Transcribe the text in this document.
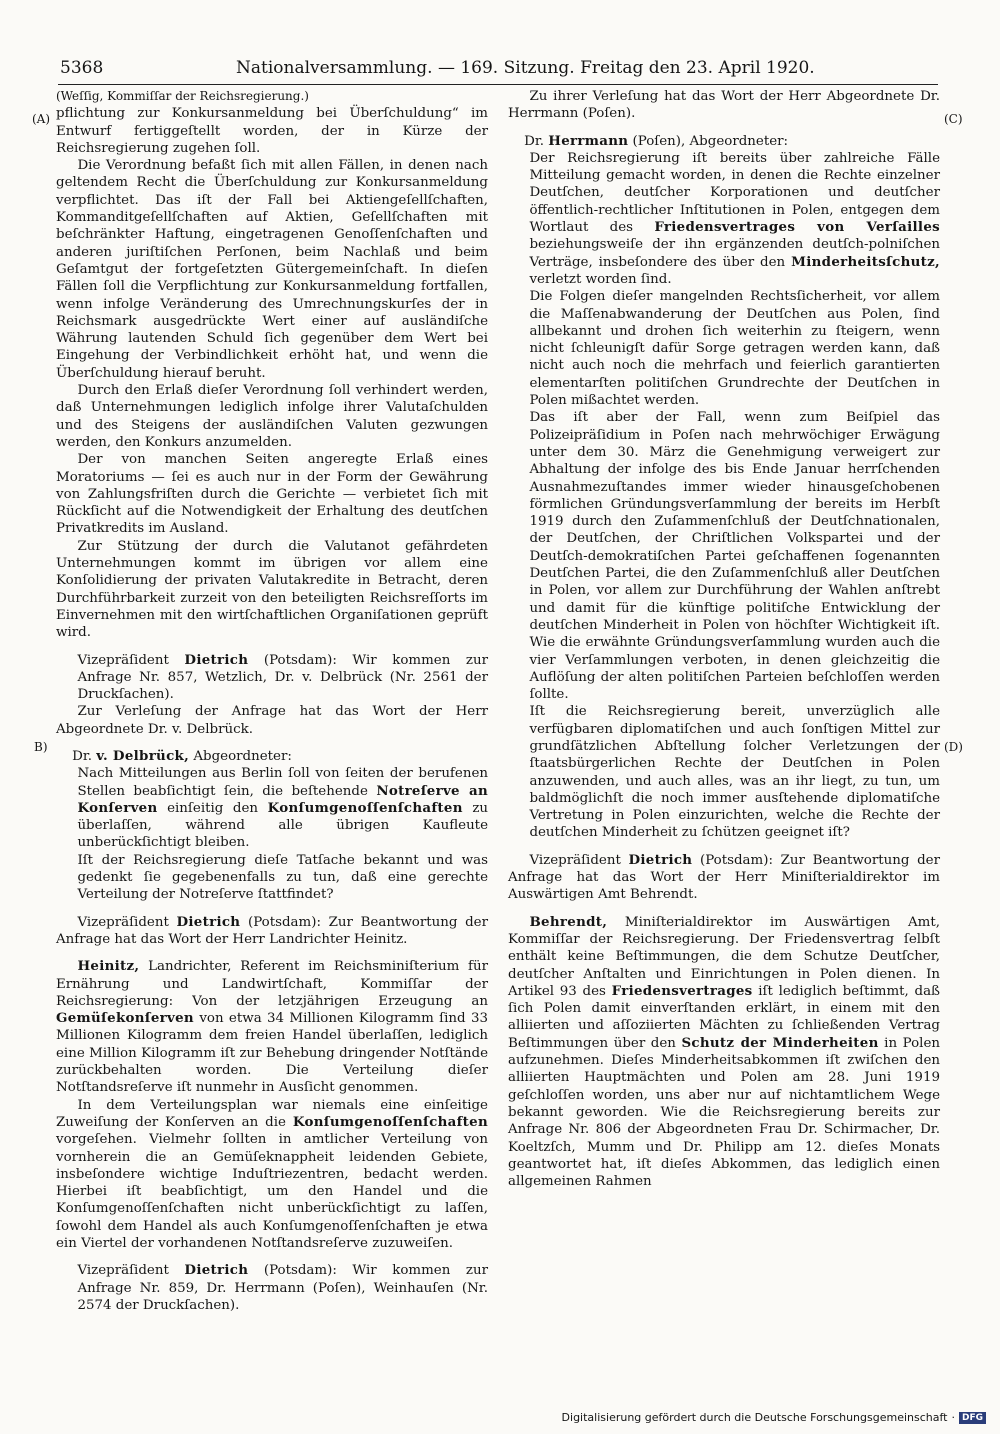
5368	Nationalversammlung. — 169. Sitzung. Freitag den 23. April 1920.
(A)
B)
(C)
(D)

(Weſſig, Kommiſſar der Reichsregierung.)

pflichtung zur Konkursanmeldung bei Überſchuldung“ im Entwurf fertiggeſtellt worden, der in Kürze der Reichsregierung zugehen ſoll.

Die Verordnung befaßt ſich mit allen Fällen, in denen nach geltendem Recht die Überſchuldung zur Konkursanmeldung verpflichtet. Das iſt der Fall bei Aktiengeſellſchaften, Kommanditgeſellſchaften auf Aktien, Geſellſchaften mit beſchränkter Haftung, eingetragenen Genoſſenſchaften und anderen juriſtiſchen Perſonen, beim Nachlaß und beim Geſamtgut der fortgeſetzten Gütergemeinſchaft. In dieſen Fällen ſoll die Verpflichtung zur Konkursanmeldung fortfallen, wenn infolge Veränderung des Umrechnungskurſes der in Reichsmark ausgedrückte Wert einer auf ausländiſche Währung lautenden Schuld ſich gegenüber dem Wert bei Eingehung der Verbindlichkeit erhöht hat, und wenn die Überſchuldung hierauf beruht.

Durch den Erlaß dieſer Verordnung ſoll verhindert werden, daß Unternehmungen lediglich infolge ihrer Valutaſchulden und des Steigens der ausländiſchen Valuten gezwungen werden, den Konkurs anzumelden.

Der von manchen Seiten angeregte Erlaß eines Moratoriums — ſei es auch nur in der Form der Gewährung von Zahlungsfriſten durch die Gerichte — verbietet ſich mit Rückſicht auf die Notwendigkeit der Erhaltung des deutſchen Privatkredits im Ausland.

Zur Stützung der durch die Valutanot gefährdeten Unternehmungen kommt im übrigen vor allem eine Konſolidierung der privaten Valutakredite in Betracht, deren Durchführbarkeit zurzeit von den beteiligten Reichsreſſorts im Einvernehmen mit den wirtſchaftlichen Organiſationen geprüft wird.

Vizepräſident Dietrich (Potsdam): Wir kommen zur Anfrage Nr. 857, Wetzlich, Dr. v. Delbrück (Nr. 2561 der Druckſachen).

Zur Verleſung der Anfrage hat das Wort der Herr Abgeordnete Dr. v. Delbrück.

Dr. v. Delbrück, Abgeordneter:

Nach Mitteilungen aus Berlin ſoll von ſeiten der berufenen Stellen beabſichtigt ſein, die beſtehende Notreſerve an Konſerven einſeitig den Konſumgenoſſenſchaften zu überlaſſen, während alle übrigen Kaufleute unberückſichtigt bleiben.

Iſt der Reichsregierung dieſe Tatſache bekannt und was gedenkt ſie gegebenenfalls zu tun, daß eine gerechte Verteilung der Notreſerve ſtattfindet?

Vizepräſident Dietrich (Potsdam): Zur Beantwortung der Anfrage hat das Wort der Herr Landrichter Heinitz.

Heinitz, Landrichter, Referent im Reichsminiſterium für Ernährung und Landwirtſchaft, Kommiſſar der Reichsregierung: Von der letzjährigen Erzeugung an Gemüſekonſerven von etwa 34 Millionen Kilogramm ſind 33 Millionen Kilogramm dem freien Handel überlaſſen, lediglich eine Million Kilogramm iſt zur Behebung dringender Notſtände zurückbehalten worden. Die Verteilung dieſer Notſtandsreſerve iſt nunmehr in Ausſicht genommen.

In dem Verteilungsplan war niemals eine einſeitige Zuweiſung der Konſerven an die Konſumgenoſſenſchaften vorgeſehen. Vielmehr ſollten in amtlicher Verteilung von vornherein die an Gemüſeknappheit leidenden Gebiete, insbeſondere wichtige Induſtriezentren, bedacht werden. Hierbei iſt beabſichtigt, um den Handel und die Konſumgenoſſenſchaften nicht unberückſichtigt zu laſſen, ſowohl dem Handel als auch Konſumgenoſſenſchaften je etwa ein Viertel der vorhandenen Notſtandsreſerve zuzuweiſen.

Vizepräſident Dietrich (Potsdam): Wir kommen zur Anfrage Nr. 859, Dr. Herrmann (Poſen), Weinhauſen (Nr. 2574 der Druckſachen).

Zu ihrer Verleſung hat das Wort der Herr Abgeordnete Dr. Herrmann (Poſen).

Dr. Herrmann (Poſen), Abgeordneter:

Der Reichsregierung iſt bereits über zahlreiche Fälle Mitteilung gemacht worden, in denen die Rechte einzelner Deutſchen, deutſcher Korporationen und deutſcher öffentlich-rechtlicher Inſtitutionen in Polen, entgegen dem Wortlaut des Friedensvertrages von Verſailles beziehungsweiſe der ihn ergänzenden deutſch-polniſchen Verträge, insbeſondere des über den Minderheitsſchutz, verletzt worden ſind.

Die Folgen dieſer mangelnden Rechtsſicherheit, vor allem die Maſſenabwanderung der Deutſchen aus Polen, ſind allbekannt und drohen ſich weiterhin zu ſteigern, wenn nicht ſchleunigſt dafür Sorge getragen werden kann, daß nicht auch noch die mehrfach und feierlich garantierten elementarſten politiſchen Grundrechte der Deutſchen in Polen mißachtet werden.

Das iſt aber der Fall, wenn zum Beiſpiel das Polizeipräſidium in Poſen nach mehrwöchiger Erwägung unter dem 30. März die Genehmigung verweigert zur Abhaltung der infolge des bis Ende Januar herrſchenden Ausnahmezuſtandes immer wieder hinausgeſchobenen förmlichen Gründungsverſammlung der bereits im Herbſt 1919 durch den Zuſammenſchluß der Deutſchnationalen, der Deutſchen, der Chriſtlichen Volkspartei und der Deutſch-demokratiſchen Partei geſchaffenen ſogenannten Deutſchen Partei, die den Zuſammenſchluß aller Deutſchen in Polen, vor allem zur Durchführung der Wahlen anſtrebt und damit für die künftige politiſche Entwicklung der deutſchen Minderheit in Polen von höchſter Wichtigkeit iſt. Wie die erwähnte Gründungsverſammlung wurden auch die vier Verſammlungen verboten, in denen gleichzeitig die Auflöſung der alten politiſchen Parteien beſchloſſen werden ſollte.

Iſt die Reichsregierung bereit, unverzüglich alle verfügbaren diplomatiſchen und auch ſonſtigen Mittel zur grundſätzlichen Abſtellung ſolcher Verletzungen der ſtaatsbürgerlichen Rechte der Deutſchen in Polen anzuwenden, und auch alles, was an ihr liegt, zu tun, um baldmöglichſt die noch immer ausſtehende diplomatiſche Vertretung in Polen einzurichten, welche die Rechte der deutſchen Minderheit zu ſchützen geeignet iſt?

Vizepräſident Dietrich (Potsdam): Zur Beantwortung der Anfrage hat das Wort der Herr Miniſterialdirektor im Auswärtigen Amt Behrendt.

Behrendt, Miniſterialdirektor im Auswärtigen Amt, Kommiſſar der Reichsregierung. Der Friedensvertrag ſelbſt enthält keine Beſtimmungen, die dem Schutze Deutſcher, deutſcher Anſtalten und Einrichtungen in Polen dienen. In Artikel 93 des Friedensvertrages iſt lediglich beſtimmt, daß ſich Polen damit einverſtanden erklärt, in einem mit den alliierten und aſſoziierten Mächten zu ſchließenden Vertrag Beſtimmungen über den Schutz der Minderheiten in Polen aufzunehmen. Dieſes Minderheitsabkommen iſt zwiſchen den alliierten Hauptmächten und Polen am 28. Juni 1919 geſchloſſen worden, uns aber nur auf nichtamtlichem Wege bekannt geworden. Wie die Reichsregierung bereits zur Anfrage Nr. 806 der Abgeordneten Frau Dr. Schirmacher, Dr. Koeltzſch, Mumm und Dr. Philipp am 12. dieſes Monats geantwortet hat, iſt dieſes Abkommen, das lediglich einen allgemeinen Rahmen

Digitalisierung gefördert durch die Deutsche Forschungsgemeinschaft · DFG
